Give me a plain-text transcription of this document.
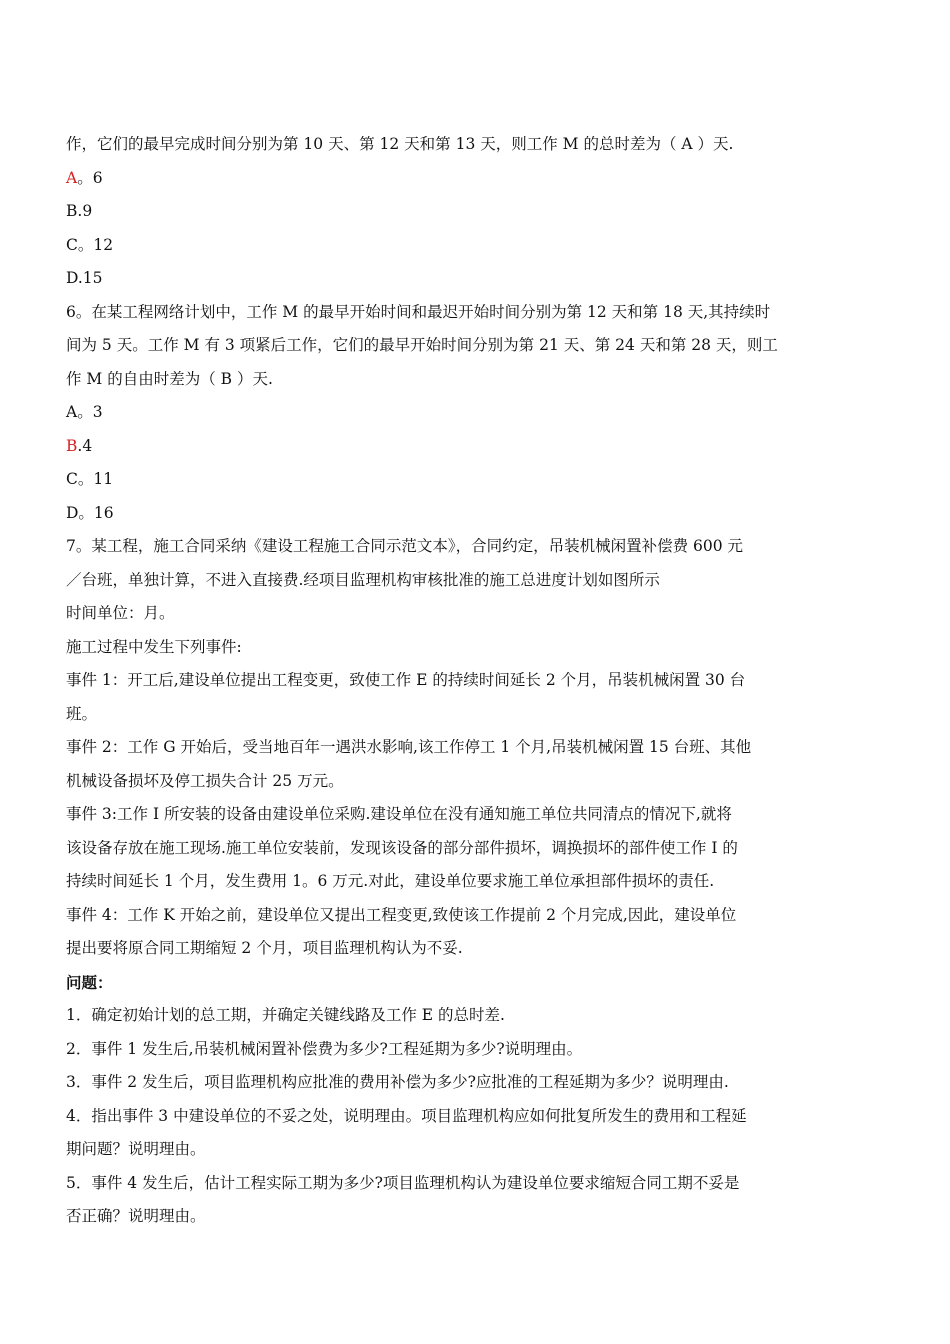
作，它们的最早完成时间分别为第 10 天、第 12 天和第 13 天，则工作 M 的总时差为（ A ）天.
A。6
B.9
C。12
D.15
6。在某工程网络计划中，工作 M 的最早开始时间和最迟开始时间分别为第 12 天和第 18 天,其持续时
间为 5 天。工作 M 有 3 项紧后工作，它们的最早开始时间分别为第 21 天、第 24 天和第 28 天，则工
作 M 的自由时差为（ B ）天.
A。3
B.4
C。11
D。16
7。某工程，施工合同采纳《建设工程施工合同示范文本》，合同约定，吊装机械闲置补偿费 600 元
／台班，单独计算，不进入直接费.经项目监理机构审核批准的施工总进度计划如图所示
时间单位：月。
施工过程中发生下列事件:
事件 1：开工后,建设单位提出工程变更，致使工作 E 的持续时间延长 2 个月，吊装机械闲置 30 台
班。
事件 2：工作 G 开始后，受当地百年一遇洪水影响,该工作停工 1 个月,吊装机械闲置 15 台班、其他
机械设备损坏及停工损失合计 25 万元。
事件 3:工作 I 所安装的设备由建设单位采购.建设单位在没有通知施工单位共同清点的情况下,就将
该设备存放在施工现场.施工单位安装前，发现该设备的部分部件损坏，调换损坏的部件使工作 I 的
持续时间延长 1 个月，发生费用 1。6 万元.对此，建设单位要求施工单位承担部件损坏的责任.
事件 4：工作 K 开始之前，建设单位又提出工程变更,致使该工作提前 2 个月完成,因此，建设单位
提出要将原合同工期缩短 2 个月，项目监理机构认为不妥.
问题：
1．确定初始计划的总工期，并确定关键线路及工作 E 的总时差.
2．事件 1 发生后,吊装机械闲置补偿费为多少?工程延期为多少?说明理由。
3．事件 2 发生后，项目监理机构应批准的费用补偿为多少?应批准的工程延期为多少？说明理由.
4．指出事件 3 中建设单位的不妥之处，说明理由。项目监理机构应如何批复所发生的费用和工程延
期问题？说明理由。
5．事件 4 发生后，估计工程实际工期为多少?项目监理机构认为建设单位要求缩短合同工期不妥是
否正确？说明理由。
